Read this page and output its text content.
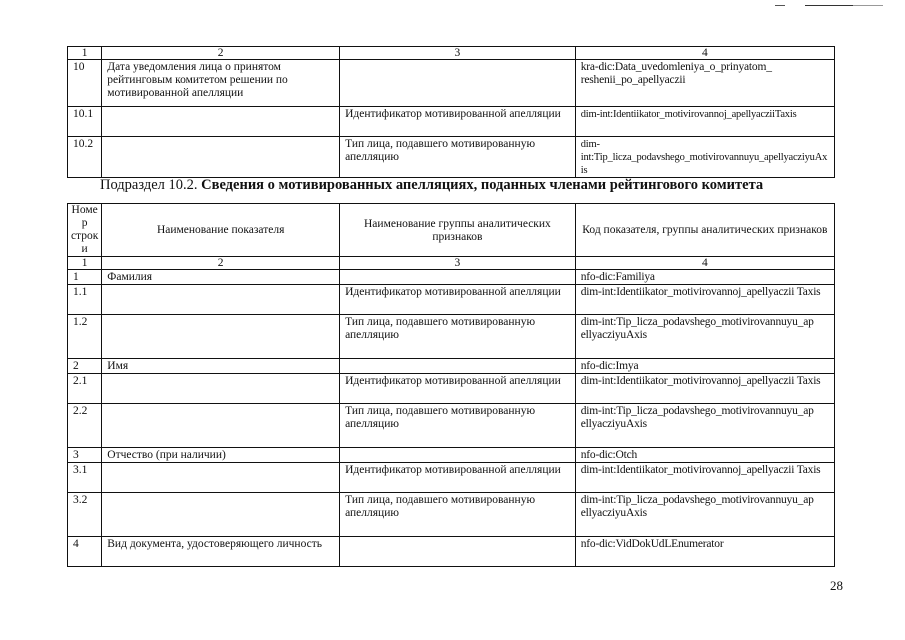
1	2	3	4
10	Дата уведомления лица о принятом рейтинговым комитетом решении по мотивированной апелляции		kra-dic:Data_uvedomleniya_o_prinyatom_ reshenii_po_apellyaczii
10.1		Идентификатор мотивированной апелляции	dim-int:Identiikator_motivirovannoj_apellyacziiTaxis
10.2		Тип лица, подавшего мотивированную апелляцию	dim-int:Tip_licza_podavshego_motivirovannuyu_apellyacziyuAxis
Подраздел 10.2. Сведения о мотивированных апелляциях, поданных членами рейтингового комитета
Номер строки	Наименование показателя	Наименование группы аналитических признаков	Код показателя, группы аналитических признаков
1	2	3	4
1	Фамилия		nfo-dic:Familiya
1.1		Идентификатор мотивированной апелляции	dim-int:Identiikator_motivirovannoj_apellyaczii Taxis
1.2		Тип лица, подавшего мотивированную апелляцию	dim-int:Tip_licza_podavshego_motivirovannuyu_ap ellyacziyuAxis
2	Имя		nfo-dic:Imya
2.1		Идентификатор мотивированной апелляции	dim-int:Identiikator_motivirovannoj_apellyaczii Taxis
2.2		Тип лица, подавшего мотивированную апелляцию	dim-int:Tip_licza_podavshego_motivirovannuyu_ap ellyacziyuAxis
3	Отчество (при наличии)		nfo-dic:Otch
3.1		Идентификатор мотивированной апелляции	dim-int:Identiikator_motivirovannoj_apellyaczii Taxis
3.2		Тип лица, подавшего мотивированную апелляцию	dim-int:Tip_licza_podavshego_motivirovannuyu_ap ellyacziyuAxis
4	Вид документа, удостоверяющего личность		nfo-dic:VidDokUdLEnumerator
28
